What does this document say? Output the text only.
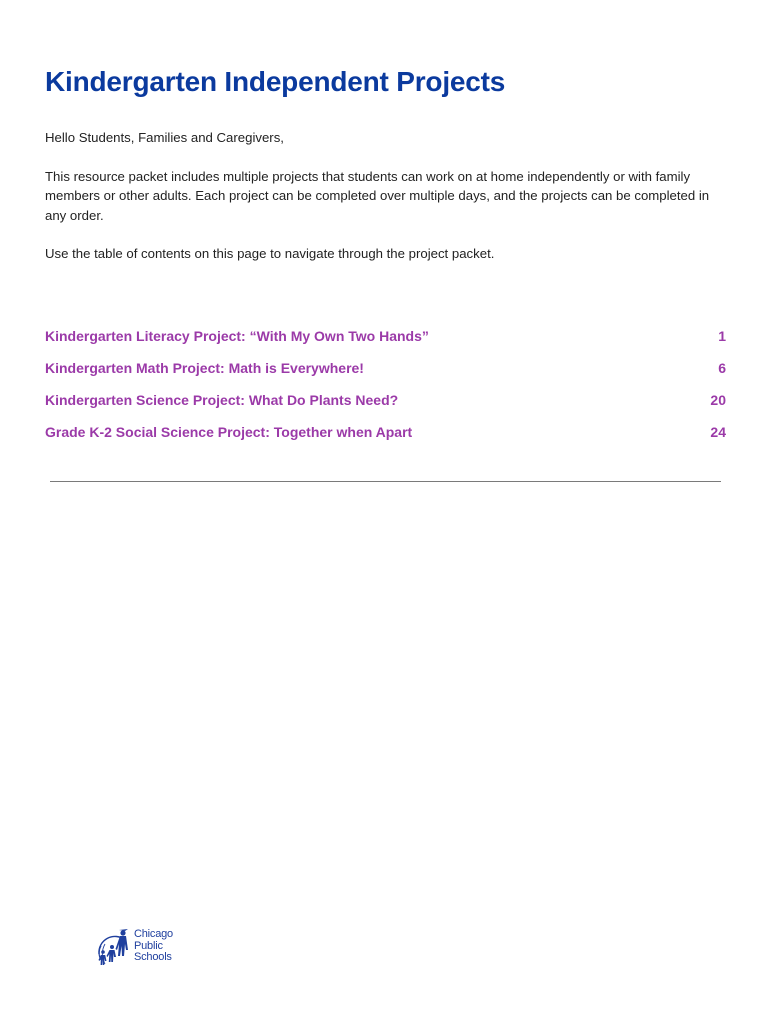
Kindergarten Independent Projects

Hello Students, Families and Caregivers,

This resource packet includes multiple projects that students can work on at home independently or with family members or other adults. Each project can be completed over multiple days, and the projects can be completed in any order.

Use the table of contents on this page to navigate through the project packet.

Kindergarten Literacy Project: “With My Own Two Hands”	1
Kindergarten Math Project: Math is Everywhere!	6
Kindergarten Science Project: What Do Plants Need?	20
Grade K-2 Social Science Project: Together when Apart	24
Chicago
Public
Schools
